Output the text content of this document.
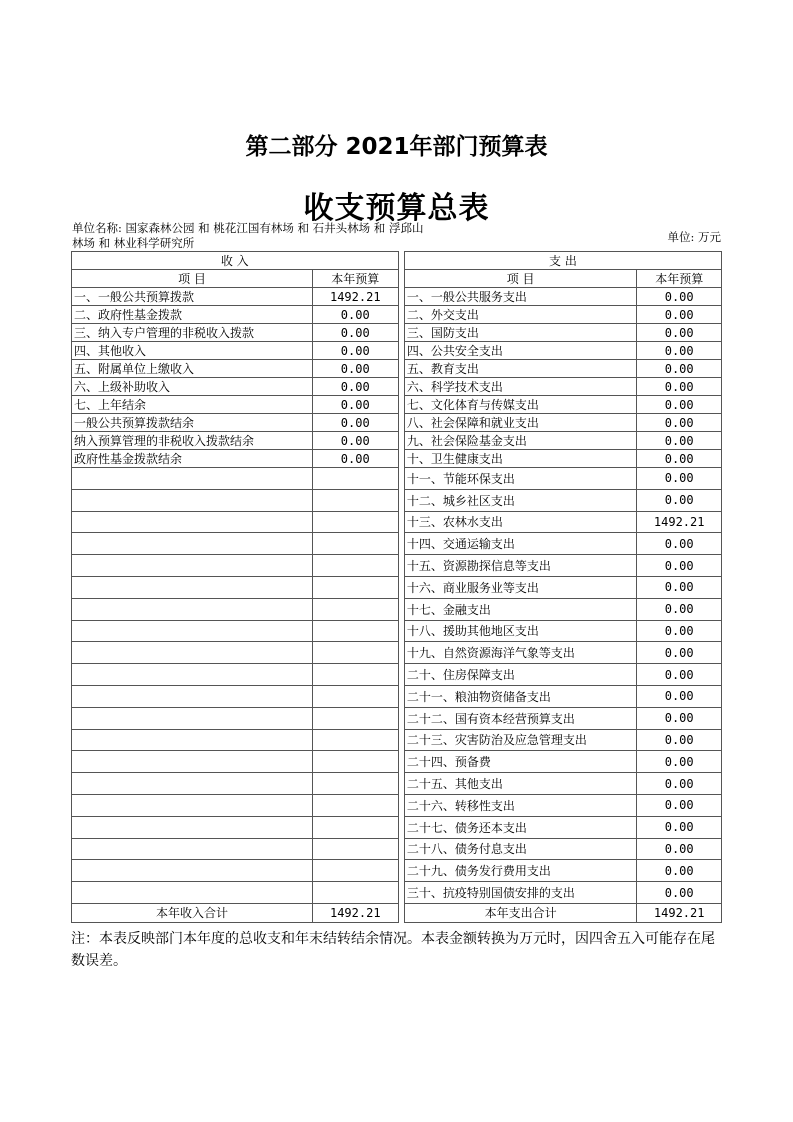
第二部分 2021年部门预算表
收支预算总表
单位名称: 国家森林公园 和 桃花江国有林场 和 石井头林场 和 浮邱山林场 和 林业科学研究所	单位: 万元
收 入			支 出	
项 目	本年预算		项 目	本年预算
一、一般公共预算拨款	1492.21		一、一般公共服务支出	0.00
二、政府性基金拨款	0.00		二、外交支出	0.00
三、纳入专户管理的非税收入拨款	0.00		三、国防支出	0.00
四、其他收入	0.00		四、公共安全支出	0.00
五、附属单位上缴收入	0.00		五、教育支出	0.00
六、上级补助收入	0.00		六、科学技术支出	0.00
七、上年结余	0.00		七、文化体育与传媒支出	0.00
一般公共预算拨款结余	0.00		八、社会保障和就业支出	0.00
纳入预算管理的非税收入拨款结余	0.00		九、社会保险基金支出	0.00
政府性基金拨款结余	0.00		十、卫生健康支出	0.00
			十一、节能环保支出	0.00
			十二、城乡社区支出	0.00
			十三、农林水支出	1492.21
			十四、交通运输支出	0.00
			十五、资源勘探信息等支出	0.00
			十六、商业服务业等支出	0.00
			十七、金融支出	0.00
			十八、援助其他地区支出	0.00
			十九、自然资源海洋气象等支出	0.00
			二十、住房保障支出	0.00
			二十一、粮油物资储备支出	0.00
			二十二、国有资本经营预算支出	0.00
			二十三、灾害防治及应急管理支出	0.00
			二十四、预备费	0.00
			二十五、其他支出	0.00
			二十六、转移性支出	0.00
			二十七、债务还本支出	0.00
			二十八、债务付息支出	0.00
			二十九、债务发行费用支出	0.00
			三十、抗疫特别国债安排的支出	0.00
本年收入合计	1492.21		本年支出合计	1492.21
注：本表反映部门本年度的总收支和年末结转结余情况。本表金额转换为万元时，因四舍五入可能存在尾数误差。
